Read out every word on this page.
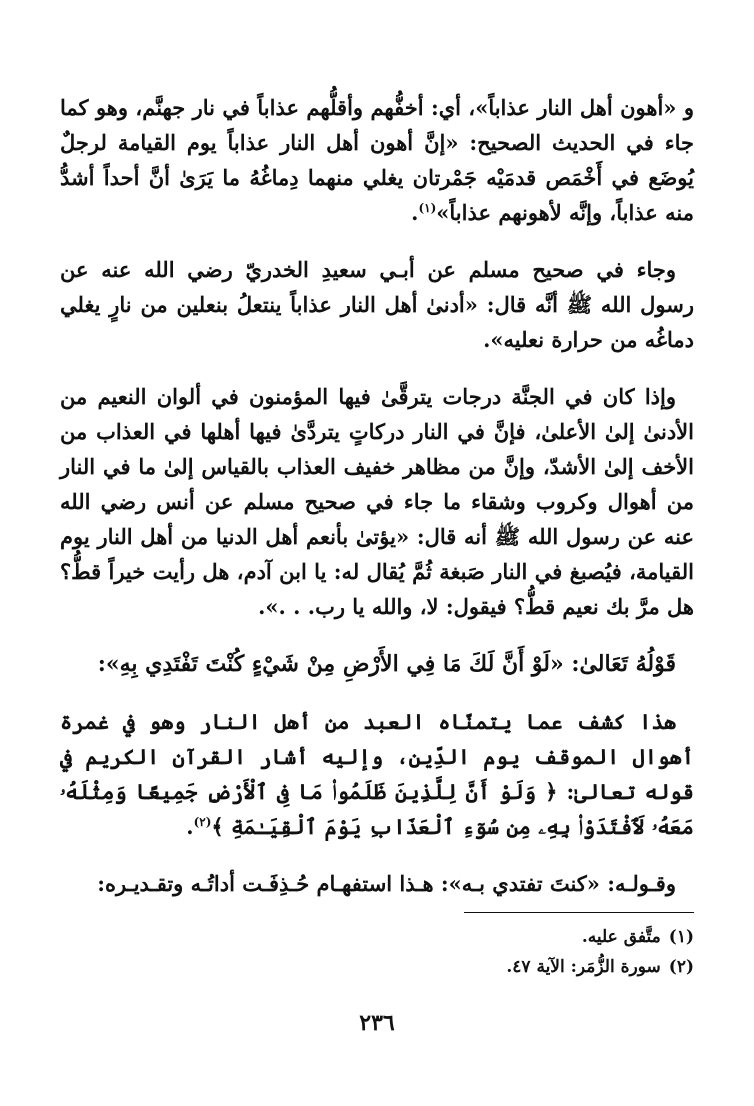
و «أهون أهل النار عذاباً»، أي: أخفُّهم وأقلُّهم عذاباً في نار جهنَّم، وهو كما جاء في الحديث الصحيح: «إنَّ أهون أهل النار عذاباً يوم القيامة لرجلٌ يُوضَع في أَخْمَص قدمَيْه جَمْرتان يغلي منهما دِماغُهُ ما يَرَىٰ أنَّ أحداً أشدُّ منه عذاباً، وإنَّه لأهونهم عذاباً»$^{(١)}$.

وجاء في صحيح مسلم عن أبـي سعيدِ الخدريّ رضي الله عنه عن رسول الله ﷺ أنَّه قال: «أدنىٰ أهل النار عذاباً ينتعلُ بنعلين من نارٍ يغلي دماغُه من حرارة نعليه».

وإذا كان في الجنَّة درجات يترقَّىٰ فيها المؤمنون في ألوان النعيم من الأدنىٰ إلىٰ الأعلىٰ، فإنَّ في النار دركاتٍ يتردَّىٰ فيها أهلها في العذاب من الأخف إلىٰ الأشدّ، وإنَّ من مظاهر خفيف العذاب بالقياس إلىٰ ما في النار من أهوال وكروب وشقاء ما جاء في صحيح مسلم عن أنس رضي الله عنه عن رسول الله ﷺ أنه قال: «يؤتىٰ بأنعم أهل الدنيا من أهل النار يوم القيامة، فيُصبغ في النار صَبغة ثُمَّ يُقال له: يا ابن آدم، هل رأيت خيراً قطُّ؟ هل مرَّ بك نعيم قطُّ؟ فيقول: لا، والله يا رب. . .».

قَوْلُهُ تَعَالىٰ: «لَوْ أَنَّ لَكَ مَا فِي الأَرْضِ مِنْ شَيْءٍ كُنْتَ تَفْتَدِي بِهِ»:

هذا كشف عما يتمنّاه العبد من أهل النار وهو في غمرة أهوال الموقف يوم الدِّين، وإليه أشار القرآن الكريم في قوله تعالىٰ: ﴿ وَلَوْ أَنَّ لِلَّذِينَ ظَلَمُوا۟ مَا فِى ٱلْأَرْضِ جَمِيعًا وَمِثْلَهُۥ مَعَهُۥ لَٱفْتَدَوْا۟ بِهِۦ مِن سُوٓءِ ٱلْعَذَابِ يَوْمَ ٱلْقِيَـٰمَةِ ﴾$^{(٢)}$.

وقـولـه: «كنتَ تفتدي بـه»: هـذا استفهـام حُـذِفَـت أداتُـه وتقـديـره:

(١)متَّفق عليه.
(٢)سورة الزُّمَر: الآية ٤٧.
٢٣٦
